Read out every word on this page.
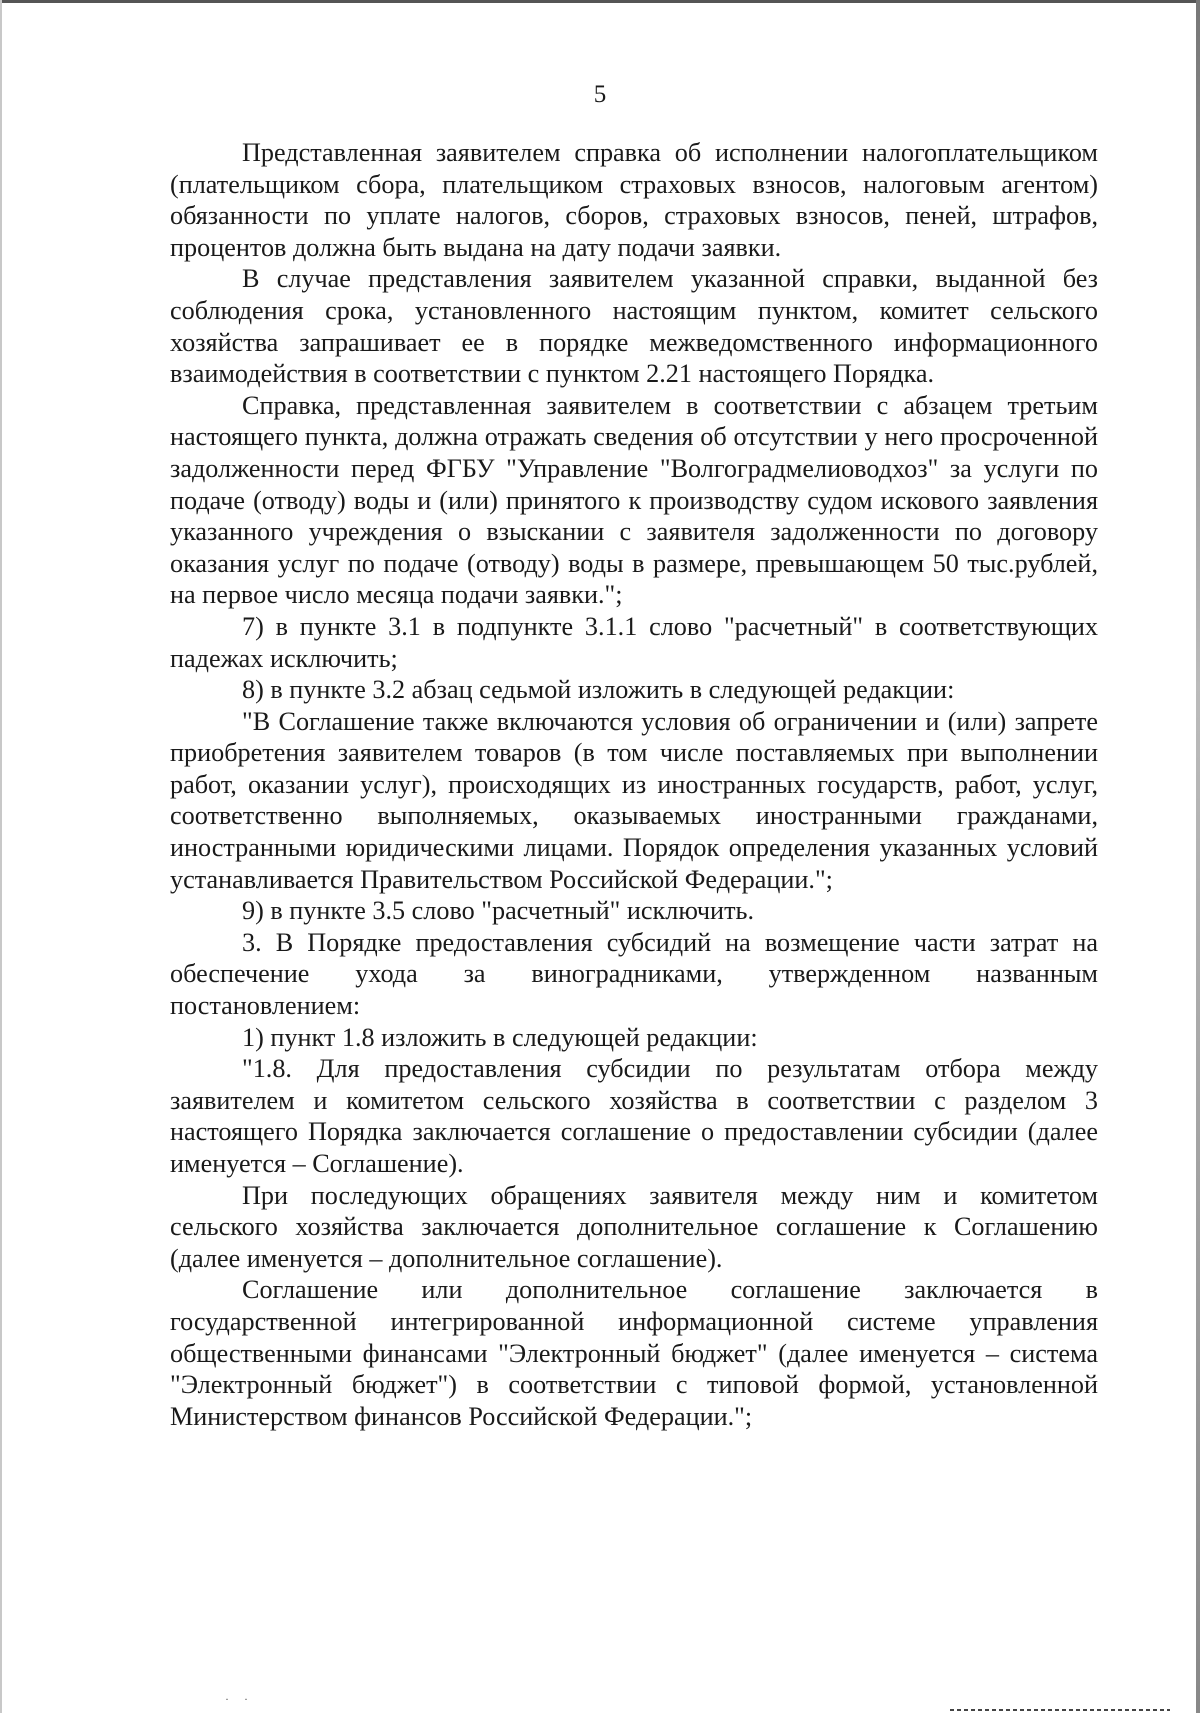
5

Представленная заявителем справка об исполнении налогоплательщиком (плательщиком сбора, плательщиком страховых взносов, налоговым агентом) обязанности по уплате налогов, сборов, страховых взносов, пеней, штрафов, процентов должна быть выдана на дату подачи заявки.

В случае представления заявителем указанной справки, выданной без соблюдения срока, установленного настоящим пунктом, комитет сельского хозяйства запрашивает ее в порядке межведомственного информационного взаимодействия в соответствии с пунктом 2.21 настоящего Порядка.

Справка, представленная заявителем в соответствии с абзацем третьим настоящего пункта, должна отражать сведения об отсутствии у него просроченной задолженности перед ФГБУ "Управление "Волгоградмелиоводхоз" за услуги по подаче (отводу) воды и (или) принятого к производству судом искового заявления указанного учреждения о взыскании с заявителя задолженности по договору оказания услуг по подаче (отводу) воды в размере, превышающем 50 тыс.рублей, на первое число месяца подачи заявки.";

7) в пункте 3.1 в подпункте 3.1.1 слово "расчетный" в соответствующих падежах исключить;

8) в пункте 3.2 абзац седьмой изложить в следующей редакции:

"В Соглашение также включаются условия об ограничении и (или) запрете приобретения заявителем товаров (в том числе поставляемых при выполнении работ, оказании услуг), происходящих из иностранных государств, работ, услуг, соответственно выполняемых, оказываемых иностранными гражданами, иностранными юридическими лицами. Порядок определения указанных условий устанавливается Правительством Российской Федерации.";

9) в пункте 3.5 слово "расчетный" исключить.

3. В Порядке предоставления субсидий на возмещение части затрат на обеспечение ухода за виноградниками, утвержденном названным постановлением:

1) пункт 1.8 изложить в следующей редакции:

"1.8. Для предоставления субсидии по результатам отбора между заявителем и комитетом сельского хозяйства в соответствии с разделом 3 настоящего Порядка заключается соглашение о предоставлении субсидии (далее именуется – Соглашение).

При последующих обращениях заявителя между ним и комитетом сельского хозяйства заключается дополнительное соглашение к Соглашению (далее именуется – дополнительное соглашение).

Соглашение или дополнительное соглашение заключается в государственной интегрированной информационной системе управления общественными финансами "Электронный бюджет" (далее именуется – система "Электронный бюджет") в соответствии с типовой формой, установленной Министерством финансов Российской Федерации.";

· ·
